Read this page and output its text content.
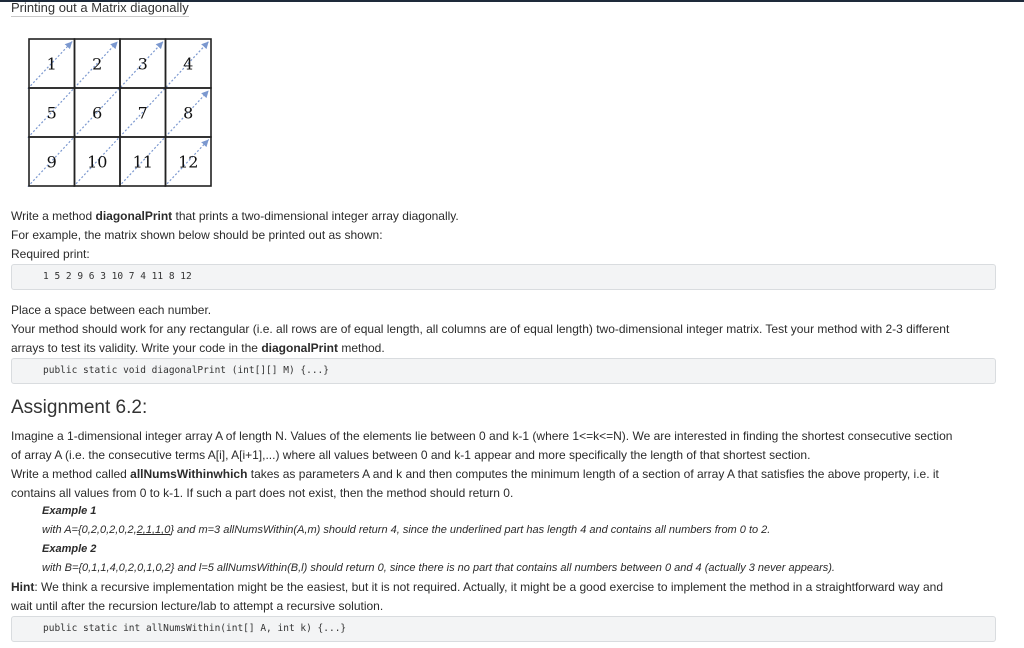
Printing out a Matrix diagonally
1 2 3 4
5 6 7 8
9 10 11 12
Write a method diagonalPrint that prints a two-dimensional integer array diagonally.
For example, the matrix shown below should be printed out as shown:
Required print:
1 5 2 9 6 3 10 7 4 11 8 12
Place a space between each number.
Your method should work for any rectangular (i.e. all rows are of equal length, all columns are of equal length) two-dimensional integer matrix. Test your method with 2-3 different
arrays to test its validity. Write your code in the diagonalPrint method.
public static void diagonalPrint (int[][] M) {...}
Assignment 6.2:
Imagine a 1-dimensional integer array A of length N. Values of the elements lie between 0 and k-1 (where 1<=k<=N). We are interested in finding the shortest consecutive section
of array A (i.e. the consecutive terms A[i], A[i+1],...) where all values between 0 and k-1 appear and more specifically the length of that shortest section.
Write a method called allNumsWithinwhich takes as parameters A and k and then computes the minimum length of a section of array A that satisfies the above property, i.e. it
contains all values from 0 to k-1. If such a part does not exist, then the method should return 0.
Example 1
with A={0,2,0,2,0,2,2,1,1,0} and m=3 allNumsWithin(A,m) should return 4, since the underlined part has length 4 and contains all numbers from 0 to 2.
Example 2
with B={0,1,1,4,0,2,0,1,0,2} and l=5 allNumsWithin(B,l) should return 0, since there is no part that contains all numbers between 0 and 4 (actually 3 never appears).
Hint: We think a recursive implementation might be the easiest, but it is not required. Actually, it might be a good exercise to implement the method in a straightforward way and
wait until after the recursion lecture/lab to attempt a recursive solution.
public static int allNumsWithin(int[] A, int k) {...}
